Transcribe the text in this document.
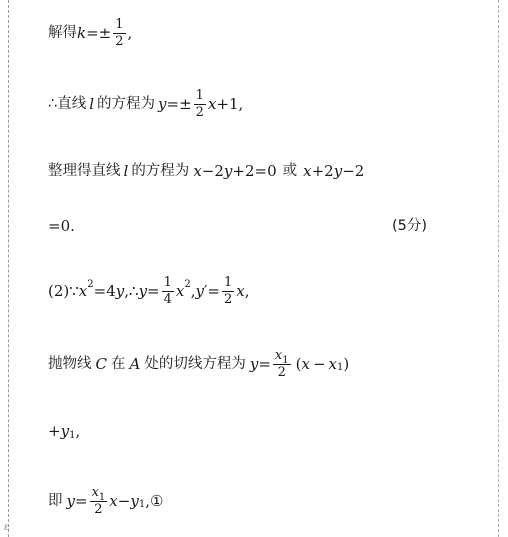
解得 $k =\pm \frac{1}{2}$ ,
∴直线 l 的方程为 $y =\pm \frac{1}{2}$ x +1,
整理得直线 l 的方程为 x −2 y +2=0 或 x +2 y −2
=0.	(5分)
(2)∵ x 2 =4 y ,∴ $y = \frac{1}{4}$ x 2 , y ′ = $\frac{1}{2}$ x ,
抛物线 C 在 A 处的切线方程为 $y = \frac{x_1}{2}$ ( x − x 1 )
+ y 1 ,
即 $y = \frac{x_1}{2}$ x − y 1 ,①
ε
